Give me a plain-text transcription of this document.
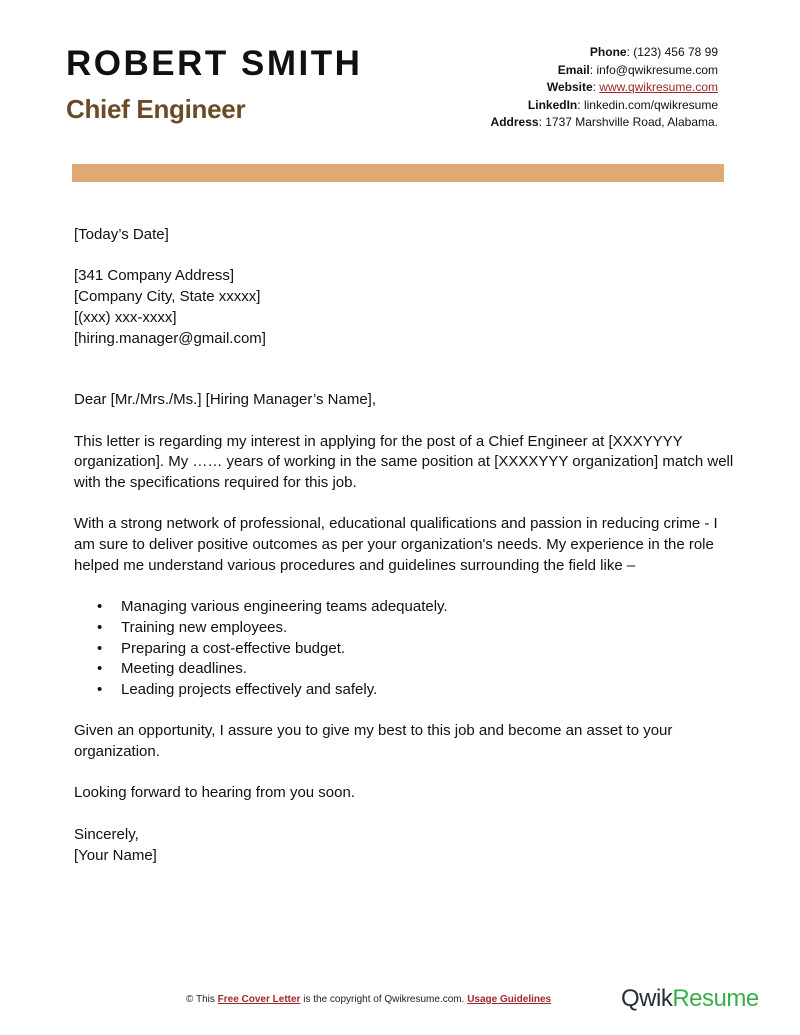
ROBERT SMITH
Chief Engineer
Phone: (123) 456 78 99
Email: info@qwikresume.com
Website: www.qwikresume.com
LinkedIn: linkedin.com/qwikresume
Address: 1737 Marshville Road, Alabama.

[Today’s Date]

[341 Company Address]
[Company City, State xxxxx]
[(xxx) xxx-xxxx]
[hiring.manager@gmail.com]

Dear [Mr./Mrs./Ms.] [Hiring Manager’s Name],

This letter is regarding my interest in applying for the post of a Chief Engineer at [XXXYYYY organization]. My …… years of working in the same position at [XXXXYYY organization] match well with the specifications required for this job.

With a strong network of professional, educational qualifications and passion in reducing crime - I am sure to deliver positive outcomes as per your organization's needs. My experience in the role helped me understand various procedures and guidelines surrounding the field like –

• Managing various engineering teams adequately.
• Training new employees.
• Preparing a cost-effective budget.
• Meeting deadlines.
• Leading projects effectively and safely.

Given an opportunity, I assure you to give my best to this job and become an asset to your organization.

Looking forward to hearing from you soon.

Sincerely,
[Your Name]

© This Free Cover Letter is the copyright of Qwikresume.com. Usage Guidelines	QwikResume
